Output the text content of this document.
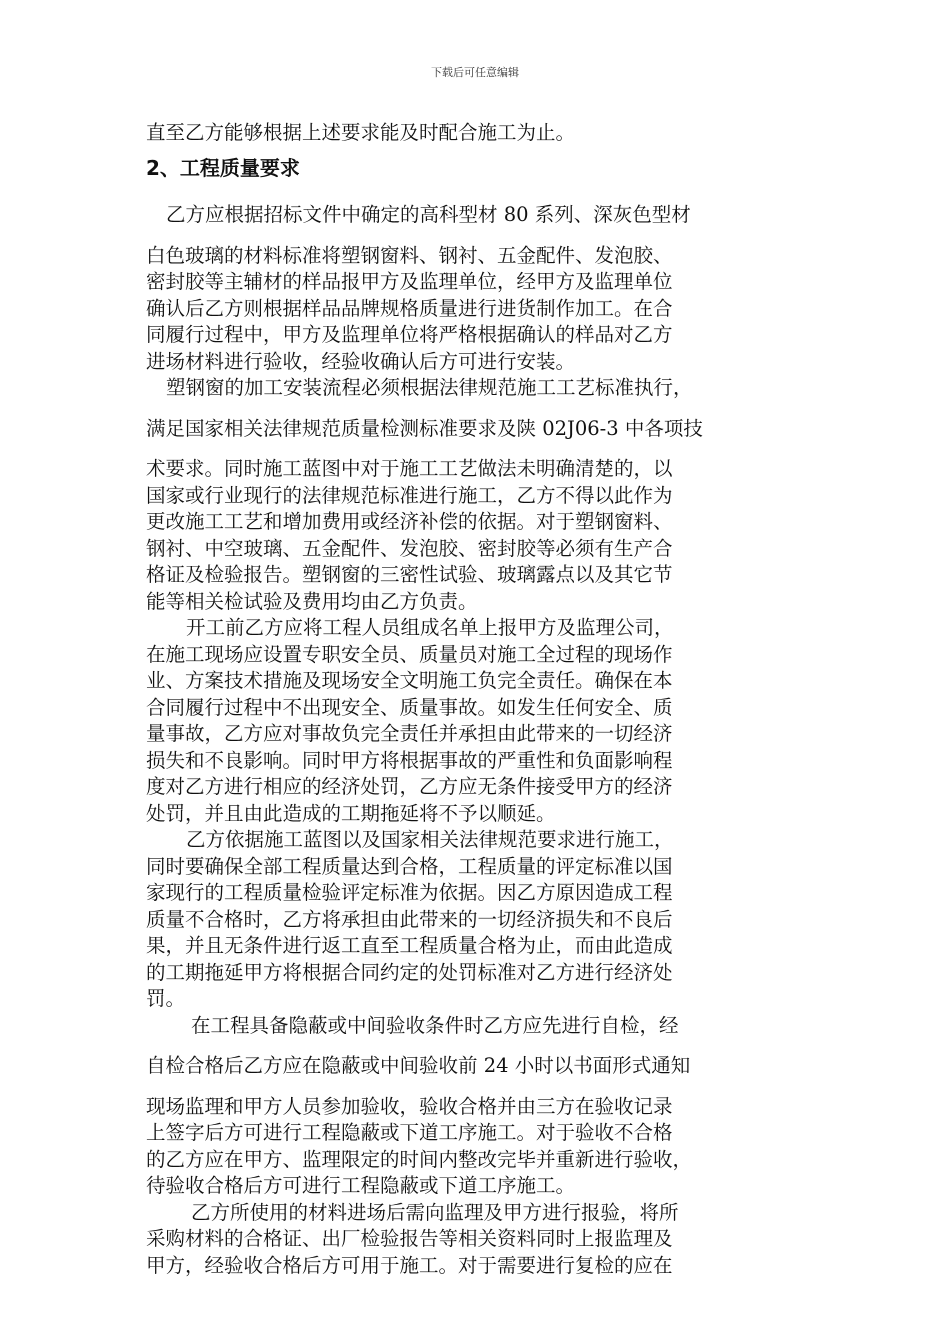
下载后可任意编辑
直至乙方能够根据上述要求能及时配合施工为止。
2、工程质量要求
乙方应根据招标文件中确定的高科型材 80 系列、深灰色型材
白色玻璃的材料标准将塑钢窗料、钢衬、五金配件、发泡胶、
密封胶等主辅材的样品报甲方及监理单位，经甲方及监理单位
确认后乙方则根据样品品牌规格质量进行进货制作加工。在合
同履行过程中，甲方及监理单位将严格根据确认的样品对乙方
进场材料进行验收，经验收确认后方可进行安装。
塑钢窗的加工安装流程必须根据法律规范施工工艺标准执行，
满足国家相关法律规范质量检测标准要求及陕 02J06-3 中各项技
术要求。同时施工蓝图中对于施工工艺做法未明确清楚的，以
国家或行业现行的法律规范标准进行施工，乙方不得以此作为
更改施工工艺和增加费用或经济补偿的依据。对于塑钢窗料、
钢衬、中空玻璃、五金配件、发泡胶、密封胶等必须有生产合
格证及检验报告。塑钢窗的三密性试验、玻璃露点以及其它节
能等相关检试验及费用均由乙方负责。
开工前乙方应将工程人员组成名单上报甲方及监理公司，
在施工现场应设置专职安全员、质量员对施工全过程的现场作
业、方案技术措施及现场安全文明施工负完全责任。确保在本
合同履行过程中不出现安全、质量事故。如发生任何安全、质
量事故，乙方应对事故负完全责任并承担由此带来的一切经济
损失和不良影响。同时甲方将根据事故的严重性和负面影响程
度对乙方进行相应的经济处罚，乙方应无条件接受甲方的经济
处罚，并且由此造成的工期拖延将不予以顺延。
乙方依据施工蓝图以及国家相关法律规范要求进行施工，
同时要确保全部工程质量达到合格，工程质量的评定标准以国
家现行的工程质量检验评定标准为依据。因乙方原因造成工程
质量不合格时，乙方将承担由此带来的一切经济损失和不良后
果，并且无条件进行返工直至工程质量合格为止，而由此造成
的工期拖延甲方将根据合同约定的处罚标准对乙方进行经济处
罚。
在工程具备隐蔽或中间验收条件时乙方应先进行自检，经
自检合格后乙方应在隐蔽或中间验收前 24 小时以书面形式通知
现场监理和甲方人员参加验收，验收合格并由三方在验收记录
上签字后方可进行工程隐蔽或下道工序施工。对于验收不合格
的乙方应在甲方、监理限定的时间内整改完毕并重新进行验收，
待验收合格后方可进行工程隐蔽或下道工序施工。
乙方所使用的材料进场后需向监理及甲方进行报验，将所
采购材料的合格证、出厂检验报告等相关资料同时上报监理及
甲方，经验收合格后方可用于施工。对于需要进行复检的应在
